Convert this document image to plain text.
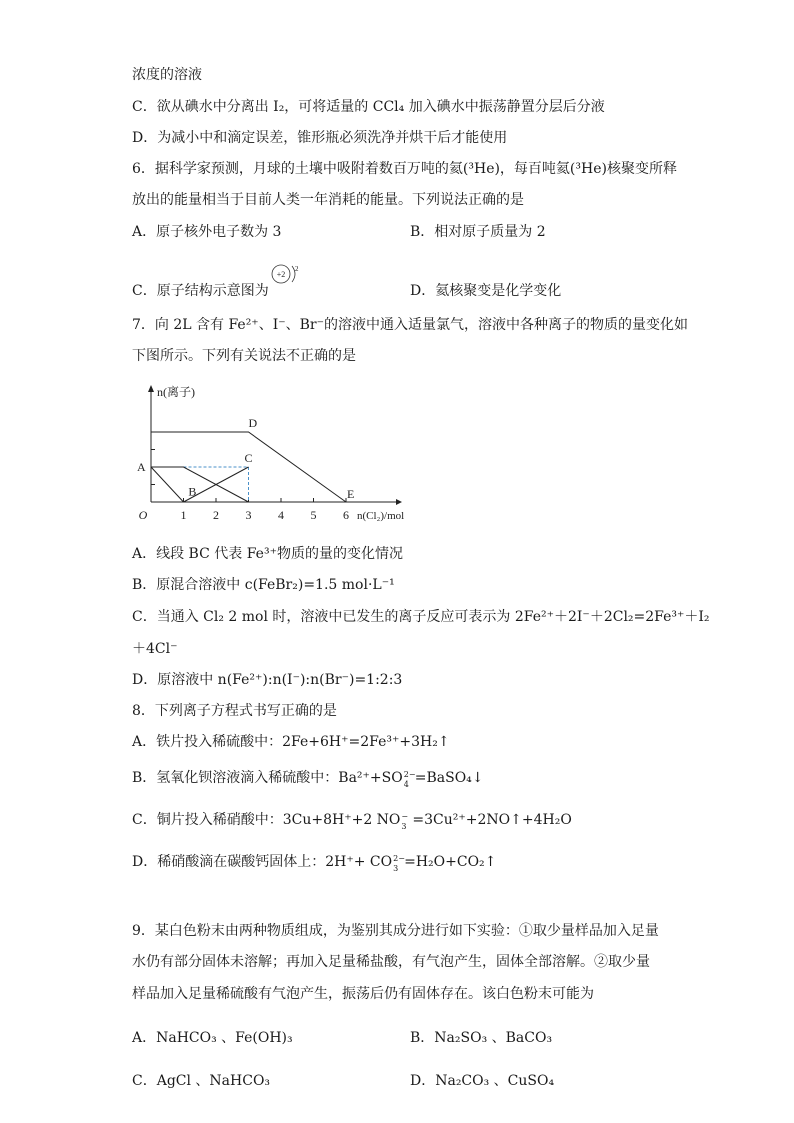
浓度的溶液
C．欲从碘水中分离出 I₂，可将适量的 CCl₄ 加入碘水中振荡静置分层后分液
D．为减小中和滴定误差，锥形瓶必须洗净并烘干后才能使用
6．据科学家预测，月球的土壤中吸附着数百万吨的氦(³He)，每百吨氦(³He)核聚变所释
放出的能量相当于目前人类一年消耗的能量。下列说法正确的是
A．原子核外电子数为 3	B．相对原子质量为 2
C．原子结构示意图为
+2
2
D．氦核聚变是化学变化
7．向 2L 含有 Fe²⁺、I⁻、Br⁻的溶液中通入适量氯气，溶液中各种离子的物质的量变化如
下图所示。下列有关说法不正确的是
1 2 3 4 5 6
O	n(Cl₂)/mol
n(离子)
A
B
C
D
E
A．线段 BC 代表 Fe³⁺物质的量的变化情况
B．原混合溶液中 c(FeBr₂)=1.5 mol·L⁻¹
C．当通入 Cl₂ 2 mol 时，溶液中已发生的离子反应可表示为 2Fe²⁺＋2I⁻＋2Cl₂=2Fe³⁺＋I₂
＋4Cl⁻
D．原溶液中 n(Fe²⁺):n(I⁻):n(Br⁻)=1:2:3
8．下列离子方程式书写正确的是
A．铁片投入稀硫酸中：2Fe+6H⁺=2Fe³⁺+3H₂↑
B．氢氧化钡溶液滴入稀硫酸中：Ba²⁺+SO 2−
4 =BaSO₄↓
C．铜片投入稀硝酸中：3Cu+8H⁺+2 NO −
3 =3Cu²⁺+2NO↑+4H₂O
D．稀硝酸滴在碳酸钙固体上：2H⁺+ CO 2−
3 =H₂O+CO₂↑
9．某白色粉末由两种物质组成，为鉴别其成分进行如下实验：①取少量样品加入足量
水仍有部分固体未溶解；再加入足量稀盐酸，有气泡产生，固体全部溶解。②取少量
样品加入足量稀硫酸有气泡产生，振荡后仍有固体存在。该白色粉末可能为
A．NaHCO₃ 、Fe(OH)₃	B．Na₂SO₃ 、BaCO₃
C．AgCl 、NaHCO₃	D．Na₂CO₃ 、CuSO₄
